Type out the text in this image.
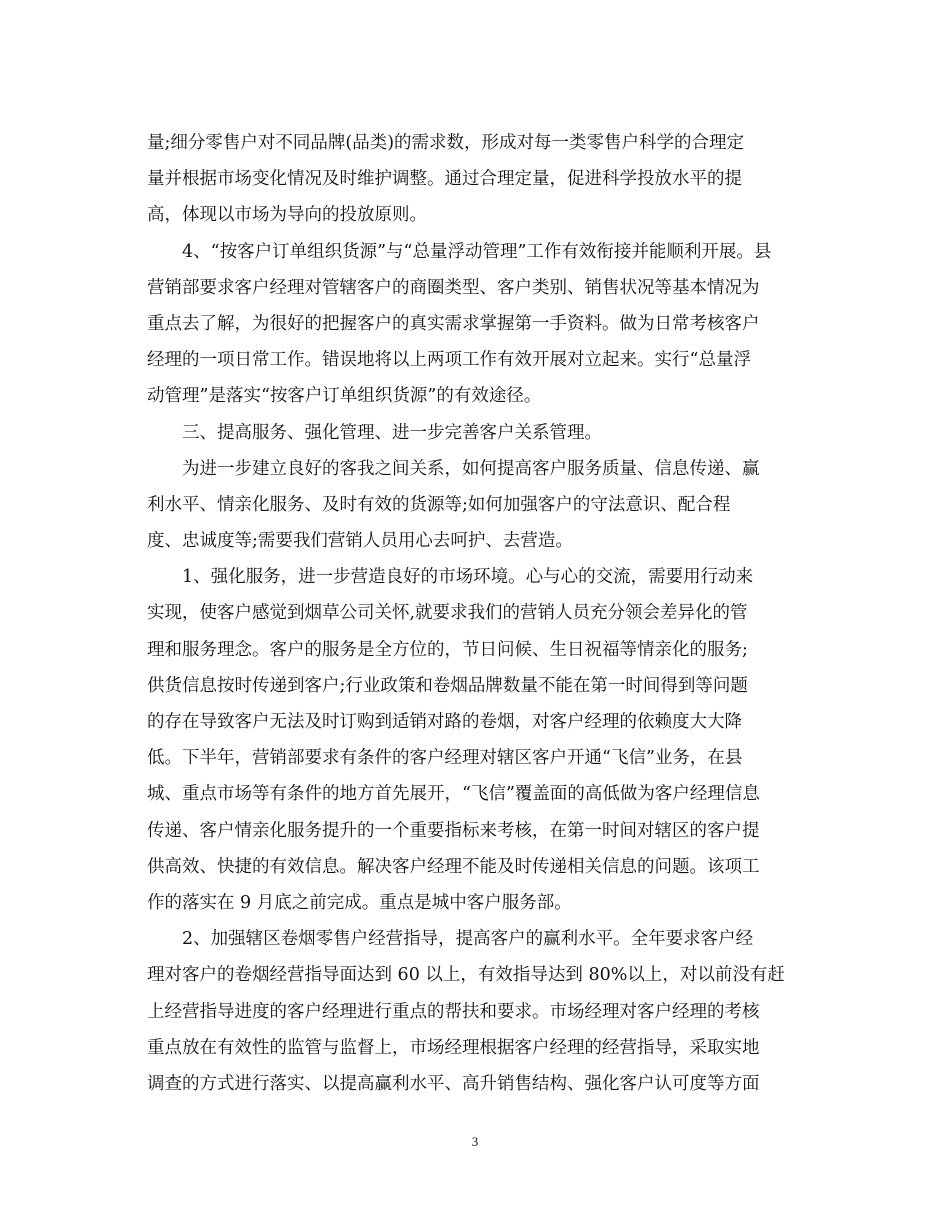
量;细分零售户对不同品牌(品类)的需求数，形成对每一类零售户科学的合理定
量并根据市场变化情况及时维护调整。通过合理定量，促进科学投放水平的提
高，体现以市场为导向的投放原则。
4、“按客户订单组织货源”与“总量浮动管理”工作有效衔接并能顺利开展。县
营销部要求客户经理对管辖客户的商圈类型、客户类别、销售状况等基本情况为
重点去了解，为很好的把握客户的真实需求掌握第一手资料。做为日常考核客户
经理的一项日常工作。错误地将以上两项工作有效开展对立起来。实行“总量浮
动管理”是落实“按客户订单组织货源”的有效途径。
三、提高服务、强化管理、进一步完善客户关系管理。
为进一步建立良好的客我之间关系，如何提高客户服务质量、信息传递、赢
利水平、情亲化服务、及时有效的货源等;如何加强客户的守法意识、配合程
度、忠诚度等;需要我们营销人员用心去呵护、去营造。
1、强化服务，进一步营造良好的市场环境。心与心的交流，需要用行动来
实现，使客户感觉到烟草公司关怀,就要求我们的营销人员充分领会差异化的管
理和服务理念。客户的服务是全方位的，节日问候、生日祝福等情亲化的服务;
供货信息按时传递到客户;行业政策和卷烟品牌数量不能在第一时间得到等问题
的存在导致客户无法及时订购到适销对路的卷烟，对客户经理的依赖度大大降
低。下半年，营销部要求有条件的客户经理对辖区客户开通“飞信”业务，在县
城、重点市场等有条件的地方首先展开，“飞信”覆盖面的高低做为客户经理信息
传递、客户情亲化服务提升的一个重要指标来考核，在第一时间对辖区的客户提
供高效、快捷的有效信息。解决客户经理不能及时传递相关信息的问题。该项工
作的落实在 9 月底之前完成。重点是城中客户服务部。
2、加强辖区卷烟零售户经营指导，提高客户的赢利水平。全年要求客户经
理对客户的卷烟经营指导面达到 60 以上，有效指导达到 80%以上，对以前没有赶
上经营指导进度的客户经理进行重点的帮扶和要求。市场经理对客户经理的考核
重点放在有效性的监管与监督上，市场经理根据客户经理的经营指导，采取实地
调查的方式进行落实、以提高赢利水平、高升销售结构、强化客户认可度等方面
3
